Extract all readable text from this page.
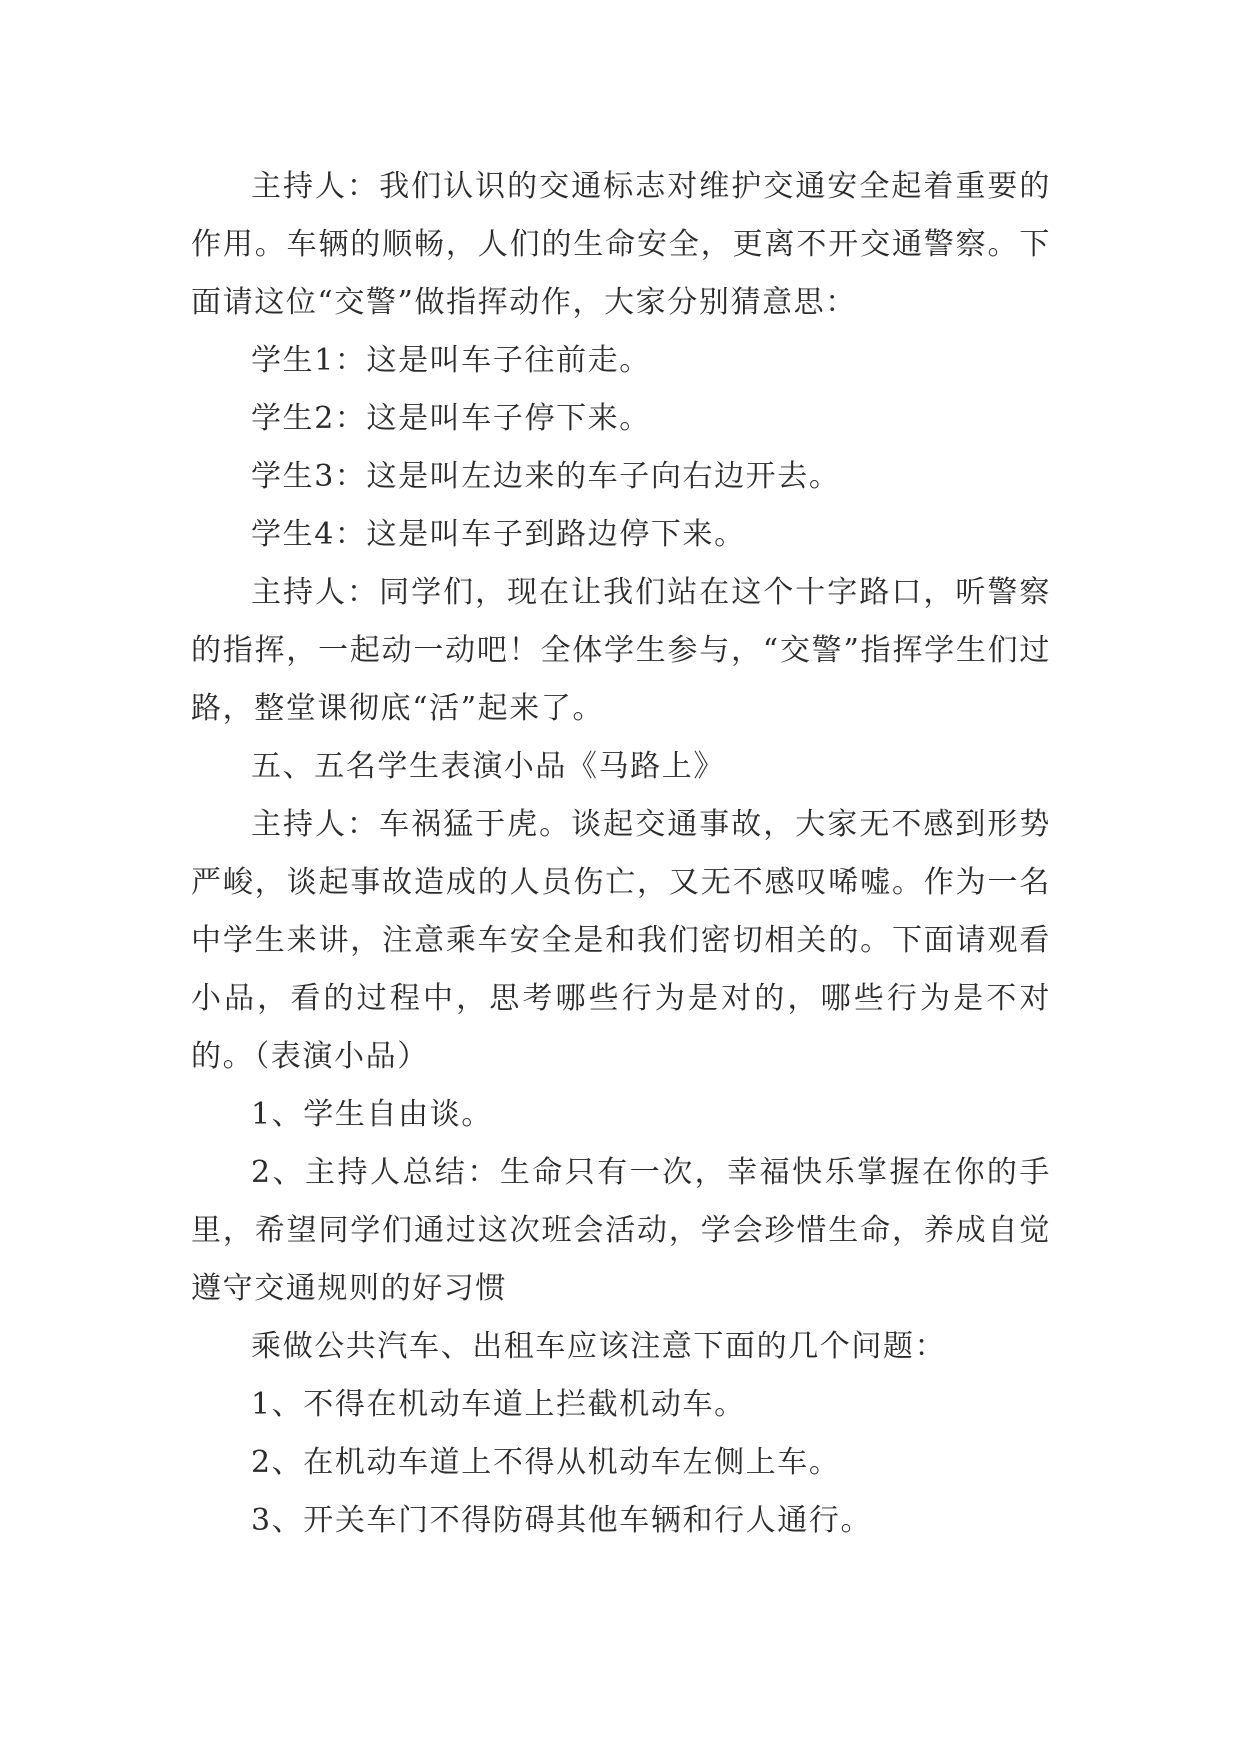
主持人：我们认识的交通标志对维护交通安全起着重要的作用。车辆的顺畅，人们的生命安全，更离不开交通警察。下面请这位“交警”做指挥动作，大家分别猜意思：

学生1：这是叫车子往前走。

学生2：这是叫车子停下来。

学生3：这是叫左边来的车子向右边开去。

学生4：这是叫车子到路边停下来。

主持人：同学们，现在让我们站在这个十字路口，听警察的指挥，一起动一动吧！全体学生参与，“交警”指挥学生们过路，整堂课彻底“活”起来了。

五、五名学生表演小品《马路上》

主持人：车祸猛于虎。谈起交通事故，大家无不感到形势严峻，谈起事故造成的人员伤亡，又无不感叹唏嘘。作为一名中学生来讲，注意乘车安全是和我们密切相关的。下面请观看小品，看的过程中，思考哪些行为是对的，哪些行为是不对的。（表演小品）

1、学生自由谈。

2、主持人总结：生命只有一次，幸福快乐掌握在你的手里，希望同学们通过这次班会活动，学会珍惜生命，养成自觉遵守交通规则的好习惯

乘做公共汽车、出租车应该注意下面的几个问题：

1、不得在机动车道上拦截机动车。

2、在机动车道上不得从机动车左侧上车。

3、开关车门不得防碍其他车辆和行人通行。
